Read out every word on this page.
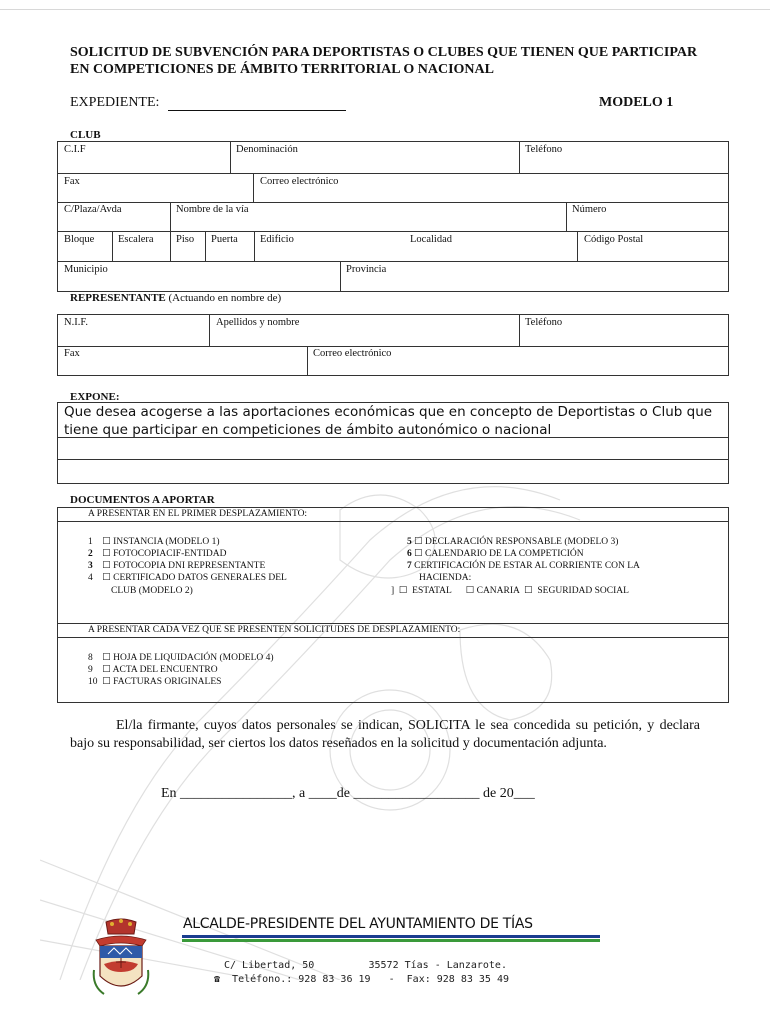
SOLICITUD DE SUBVENCIÓN PARA DEPORTISTAS O CLUBES QUE TIENEN QUE PARTICIPAR EN COMPETICIONES DE ÁMBITO TERRITORIAL O NACIONAL
EXPEDIENTE:	MODELO 1
CLUB
C.I.F	Denominación	Teléfono
Fax	Correo electrónico
C/Plaza/Avda	Nombre de la vía	Número
Bloque Escalera Piso Puerta Edificio	Localidad	Código Postal
Municipio	Provincia
REPRESENTANTE (Actuando en nombre de)
N.I.F.	Apellidos y nombre	Teléfono
Fax	Correo electrónico
EXPONE:
Que desea acogerse a las aportaciones económicas que en concepto de Deportistas o Club que tiene que participar en competiciones de ámbito autonómico o nacional
DOCUMENTOS A APORTAR
A PRESENTAR EN EL PRIMER DESPLAZAMIENTO:
1 ☐ INSTANCIA (MODELO 1)
2 ☐ FOTOCOPIACIF-ENTIDAD
3 ☐ FOTOCOPIA DNI REPRESENTANTE
4 ☐ CERTIFICADO DATOS GENERALES DEL
CLUB (MODELO 2)
5 ☐ DECLARACIÓN RESPONSABLE (MODELO 3)
6 ☐ CALENDARIO DE LA COMPETICIÓN
7 CERTIFICACIÓN DE ESTAR AL CORRIENTE CON LA
HACIENDA:
]  ☐  ESTATAL      ☐ CANARIA  ☐  SEGURIDAD SOCIAL
A PRESENTAR CADA VEZ QUE SE PRESENTEN SOLICITUDES DE DESPLAZAMIENTO:
8 ☐ HOJA DE LIQUIDACIÓN (MODELO 4)
9 ☐ ACTA DEL ENCUENTRO
10 ☐ FACTURAS ORIGINALES
El/la firmante, cuyos datos personales se indican, SOLICITA le sea concedida su petición, y declara bajo su responsabilidad, ser ciertos los datos reseñados en la solicitud y documentación adjunta.
En ________________, a ____de __________________ de 20___
ALCALDE-PRESIDENTE DEL AYUNTAMIENTO DE TÍAS
C/ Libertad, 50         35572 Tías - Lanzarote.
☎  Teléfono.: 928 83 36 19   -  Fax: 928 83 35 49
